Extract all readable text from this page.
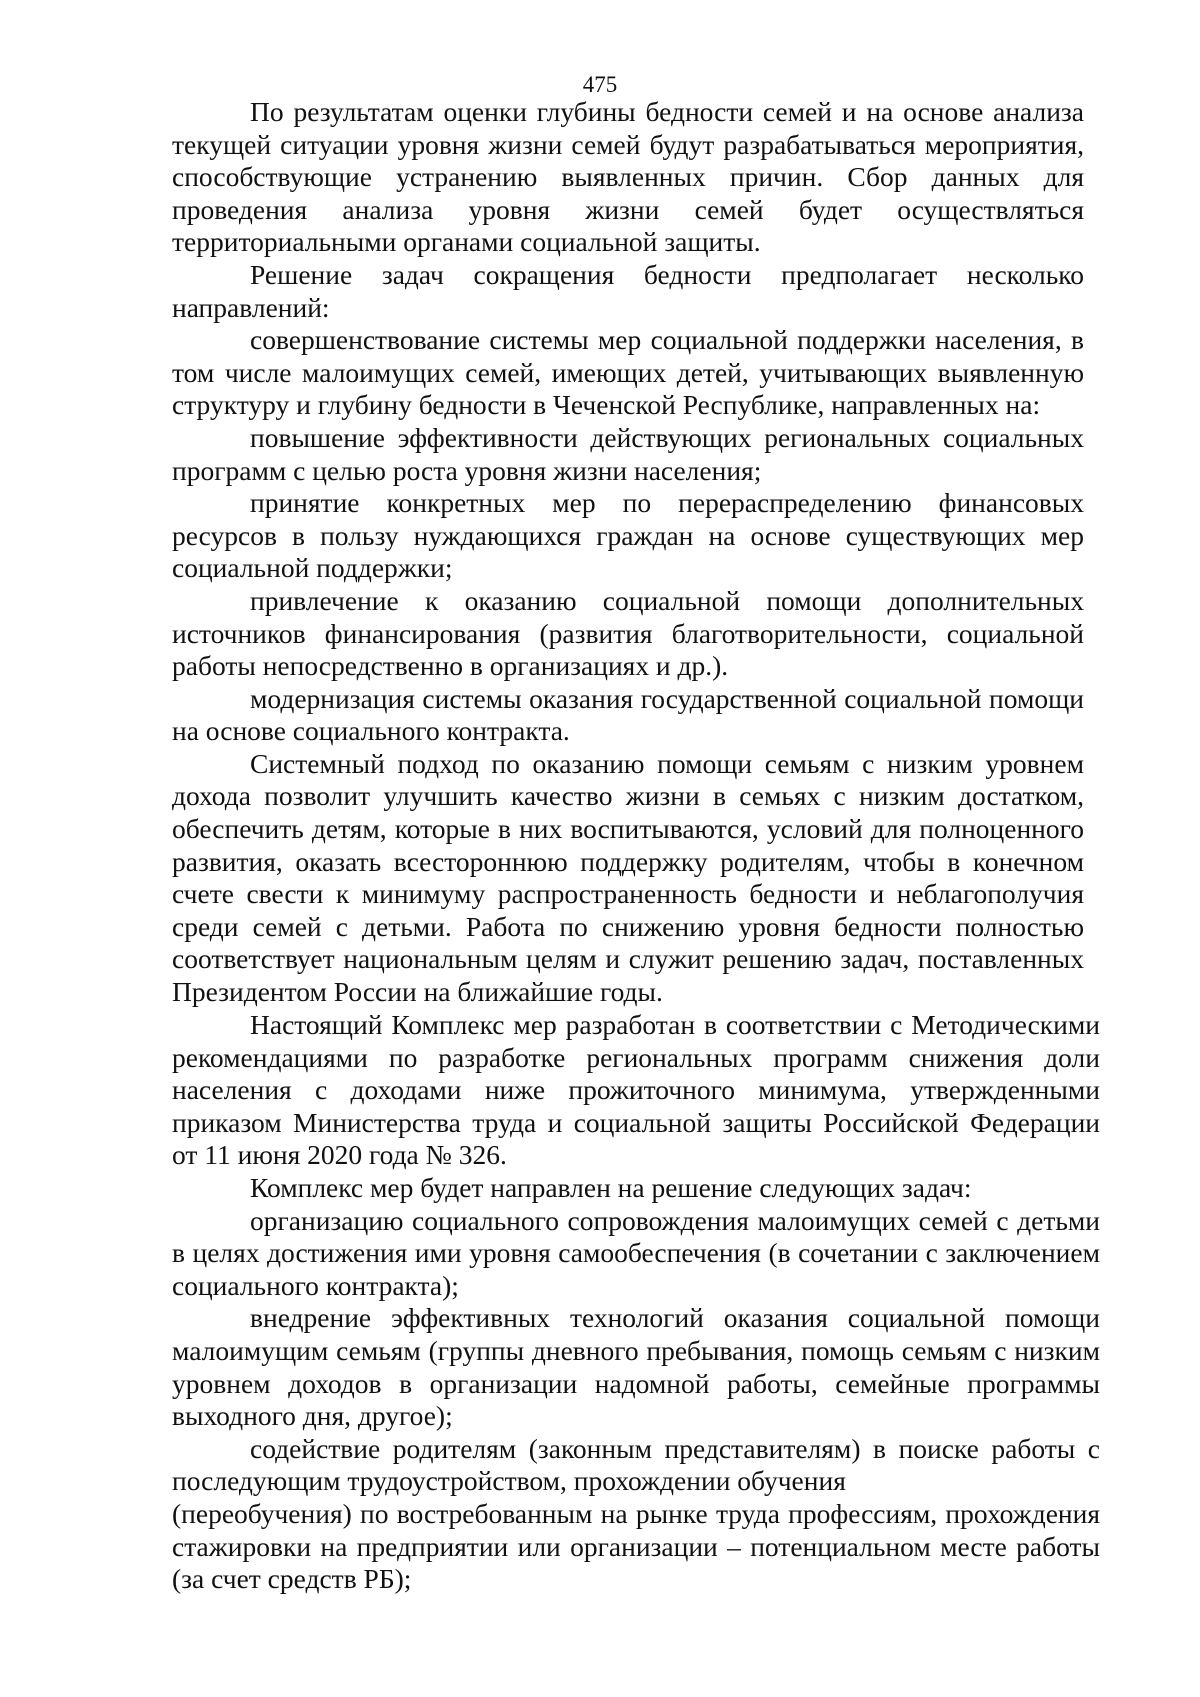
475

По результатам оценки глубины бедности семей и на основе анализа текущей ситуации уровня жизни семей будут разрабатываться мероприятия, способствующие устранению выявленных причин. Сбор данных для проведения анализа уровня жизни семей будет осуществляться территориальными органами социальной защиты.

Решение задач сокращения бедности предполагает несколько направлений:

совершенствование системы мер социальной поддержки населения, в том числе малоимущих семей, имеющих детей, учитывающих выявленную структуру и глубину бедности в Чеченской Республике, направленных на:

повышение эффективности действующих региональных социальных программ с целью роста уровня жизни населения;

принятие конкретных мер по перераспределению финансовых ресурсов в пользу нуждающихся граждан на основе существующих мер социальной поддержки;

привлечение к оказанию социальной помощи дополнительных источников финансирования (развития благотворительности, социальной работы непосредственно в организациях и др.).

модернизация системы оказания государственной социальной помощи на основе социального контракта.

Системный подход по оказанию помощи семьям с низким уровнем дохода позволит улучшить качество жизни в семьях с низким достатком, обеспечить детям, которые в них воспитываются, условий для полноценного развития, оказать всестороннюю поддержку родителям, чтобы в конечном счете свести к минимуму распространенность бедности и неблагополучия среди семей с детьми. Работа по снижению уровня бедности полностью соответствует национальным целям и служит решению задач, поставленных Президентом России на ближайшие годы.

Настоящий Комплекс мер разработан в соответствии с Методическими рекомендациями по разработке региональных программ снижения доли населения с доходами ниже прожиточного минимума, утвержденными приказом Министерства труда и социальной защиты Российской Федерации от 11 июня 2020 года № 326.

Комплекс мер будет направлен на решение следующих задач:

организацию социального сопровождения малоимущих семей с детьми в целях достижения ими уровня самообеспечения (в сочетании с заключением социального контракта);

внедрение эффективных технологий оказания социальной помощи малоимущим семьям (группы дневного пребывания, помощь семьям с низким уровнем доходов в организации надомной работы, семейные программы выходного дня, другое);

содействие родителям (законным представителям) в поиске работы с последующим трудоустройством, прохождении обучения

(переобучения) по востребованным на рынке труда профессиям, прохождения стажировки на предприятии или организации – потенциальном месте работы (за счет средств РБ);
